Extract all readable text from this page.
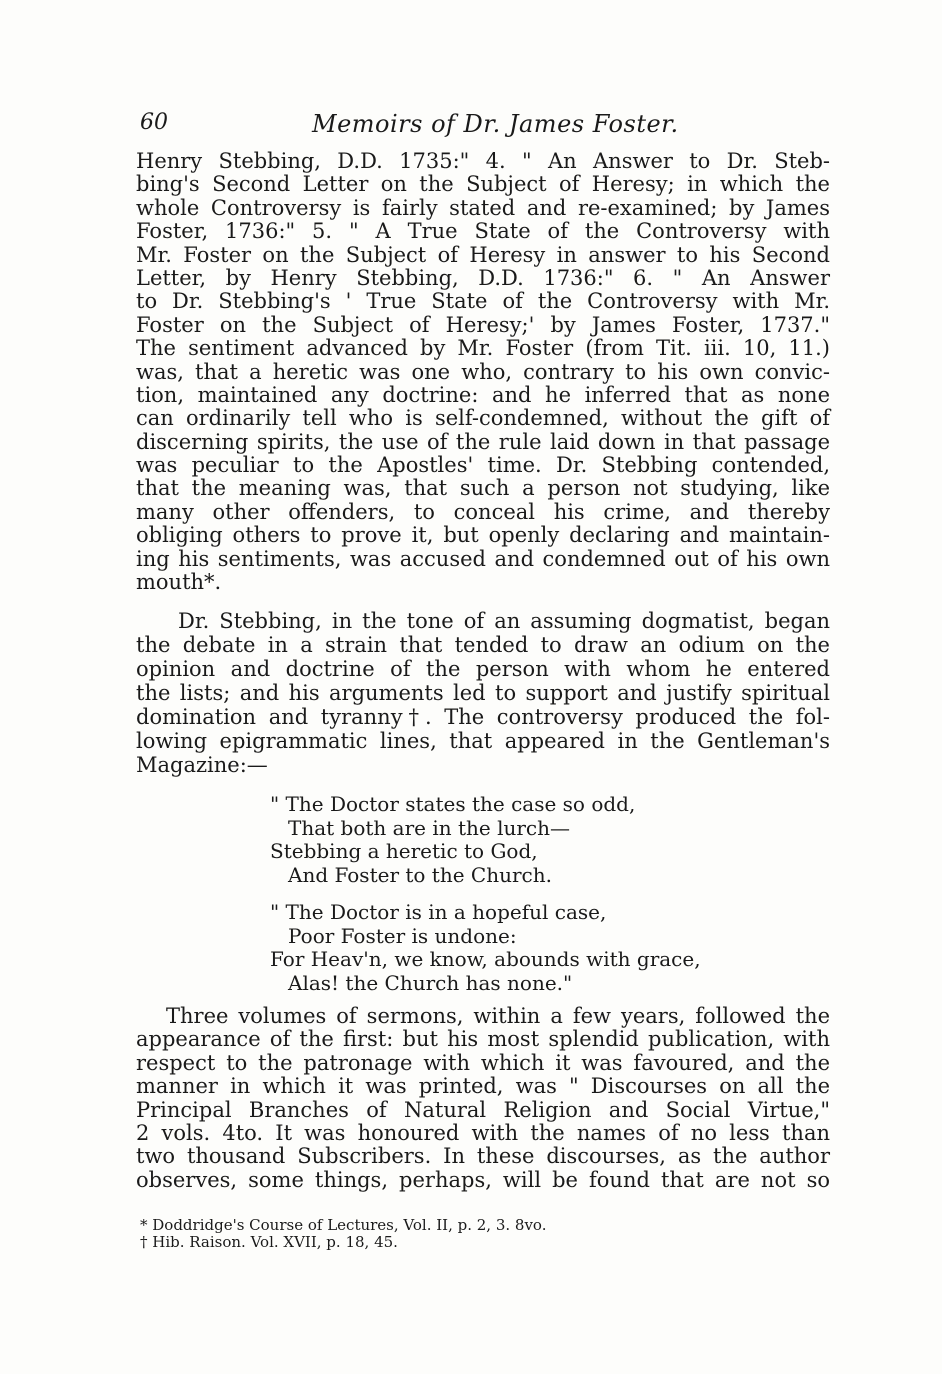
60	Memoirs of Dr. James Foster.
Henry Stebbing, D.D. 1735:" 4. " An Answer to Dr. Steb-
bing's Second Letter on the Subject of Heresy; in which the
whole Controversy is fairly stated and re-examined; by James
Foster, 1736:" 5. " A True State of the Controversy with
Mr. Foster on the Subject of Heresy in answer to his Second
Letter, by Henry Stebbing, D.D. 1736:" 6. " An Answer
to Dr. Stebbing's ' True State of the Controversy with Mr.
Foster on the Subject of Heresy;' by James Foster, 1737."
The sentiment advanced by Mr. Foster (from Tit. iii. 10, 11.)
was, that a heretic was one who, contrary to his own convic-
tion, maintained any doctrine: and he inferred that as none
can ordinarily tell who is self-condemned, without the gift of
discerning spirits, the use of the rule laid down in that passage
was peculiar to the Apostles' time. Dr. Stebbing contended,
that the meaning was, that such a person not studying, like
many other offenders, to conceal his crime, and thereby
obliging others to prove it, but openly declaring and maintain-
ing his sentiments, was accused and condemned out of his own
mouth*.
Dr. Stebbing, in the tone of an assuming dogmatist, began
the debate in a strain that tended to draw an odium on the
opinion and doctrine of the person with whom he entered
the lists; and his arguments led to support and justify spiritual
domination and tyranny†. The controversy produced the fol-
lowing epigrammatic lines, that appeared in the Gentleman's
Magazine:—
" The Doctor states the case so odd,
That both are in the lurch—
Stebbing a heretic to God,
And Foster to the Church.
" The Doctor is in a hopeful case,
Poor Foster is undone:
For Heav'n, we know, abounds with grace,
Alas! the Church has none."
Three volumes of sermons, within a few years, followed the
appearance of the first: but his most splendid publication, with
respect to the patronage with which it was favoured, and the
manner in which it was printed, was " Discourses on all the
Principal Branches of Natural Religion and Social Virtue,"
2 vols. 4to. It was honoured with the names of no less than
two thousand Subscribers. In these discourses, as the author
observes, some things, perhaps, will be found that are not so
* Doddridge's Course of Lectures, Vol. II, p. 2, 3. 8vo.
† Hib. Raison. Vol. XVII, p. 18, 45.
